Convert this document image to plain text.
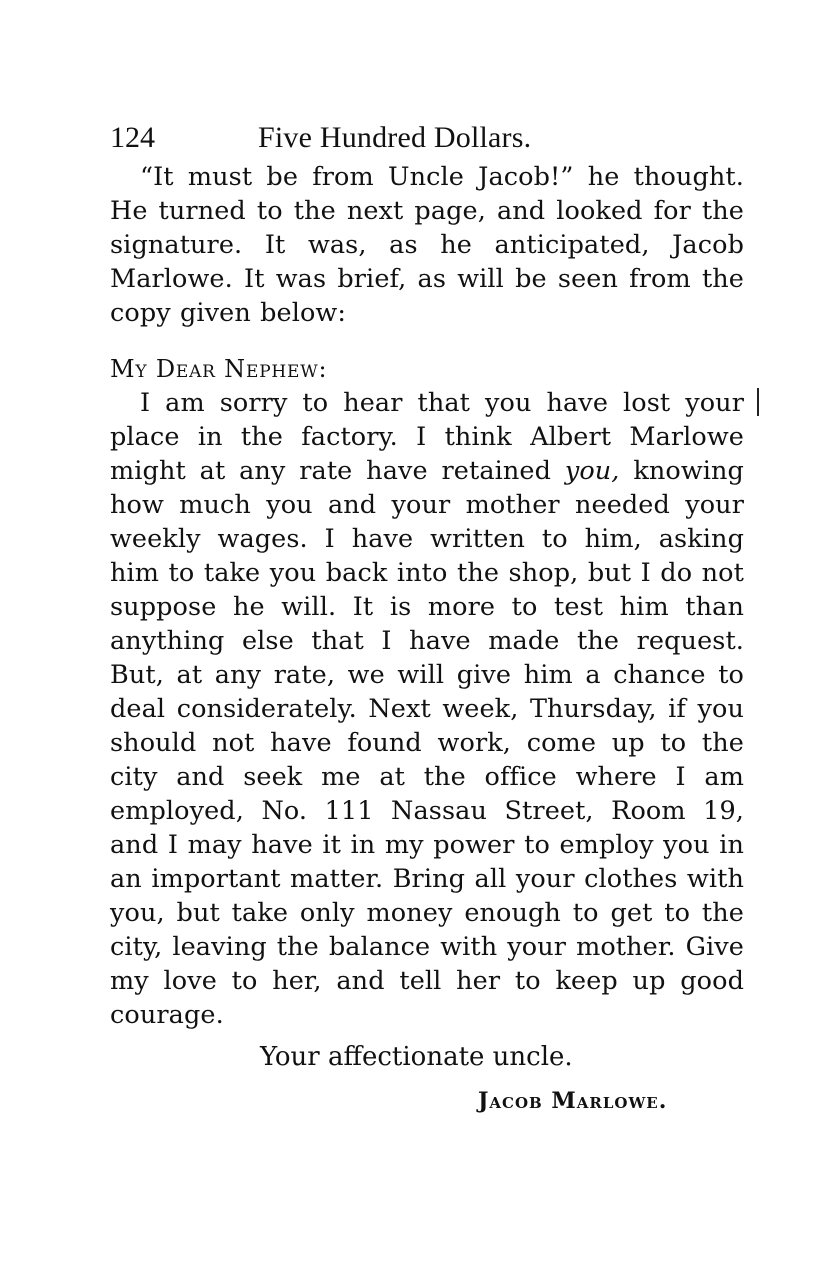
124	Five Hundred Dollars.

“It must be from Uncle Jacob!” he thought. He turned to the next page, and looked for the signature. It was, as he anticipated, Jacob Marlowe. It was brief, as will be seen from the copy given below:

My Dear Nephew:

I am sorry to hear that you have lost your place in the factory. I think Albert Marlowe might at any rate have retained you, knowing how much you and your mother needed your weekly wages. I have written to him, asking him to take you back into the shop, but I do not suppose he will. It is more to test him than anything else that I have made the request. But, at any rate, we will give him a chance to deal considerately. Next week, Thursday, if you should not have found work, come up to the city and seek me at the office where I am employed, No. 111 Nassau Street, Room 19, and I may have it in my power to employ you in an important matter. Bring all your clothes with you, but take only money enough to get to the city, leaving the balance with your mother. Give my love to her, and tell her to keep up good courage.

Your affectionate uncle.

Jacob Marlowe.
